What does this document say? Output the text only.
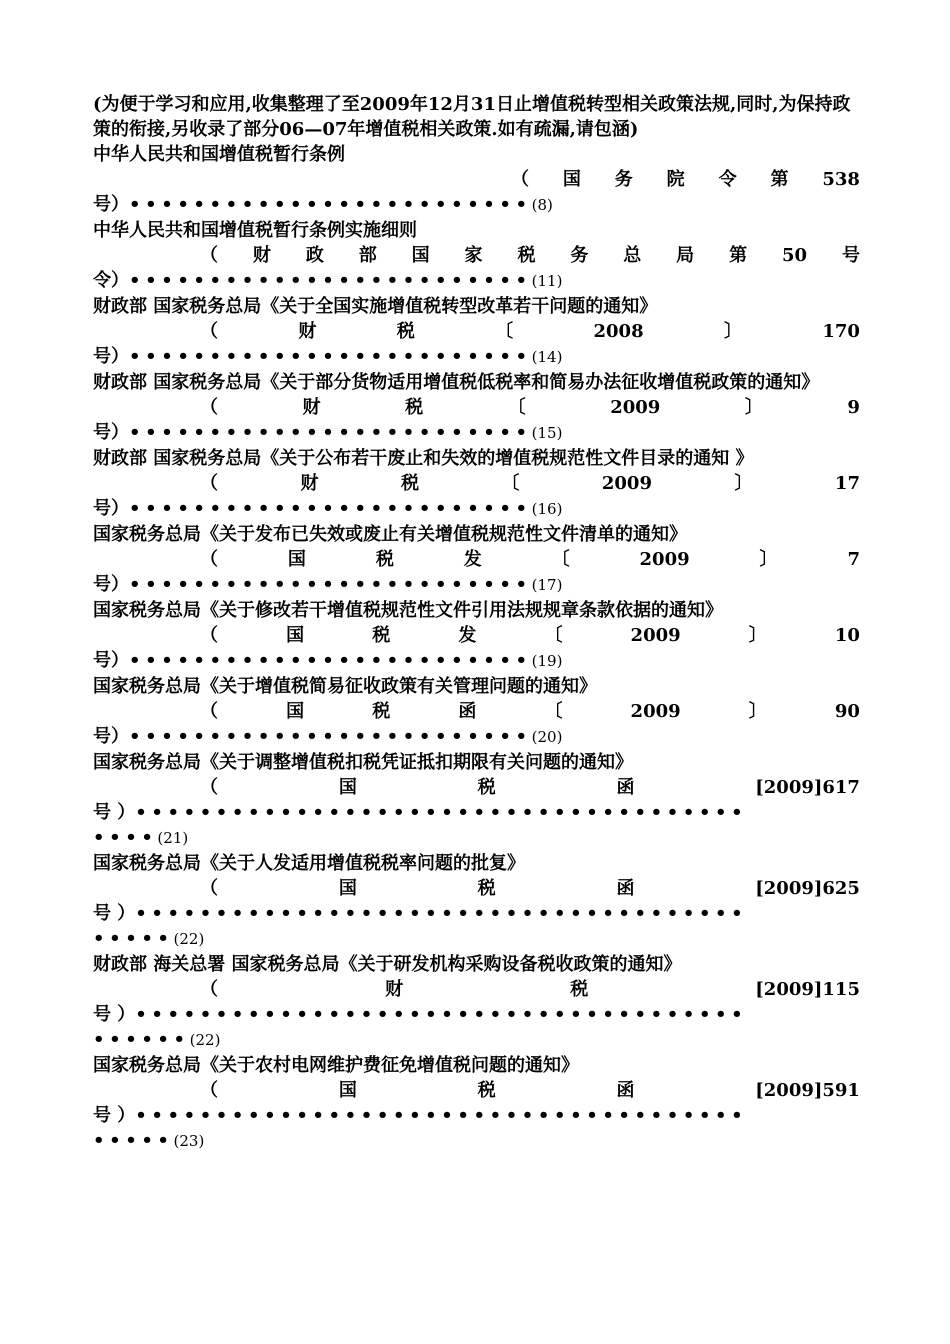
(为便于学习和应用,收集整理了至2009年12月31日止增值税转型相关政策法规,同时,为保持政策的衔接,另收录了部分06—07年增值税相关政策.如有疏漏,请包涵)

中华人民共和国增值税暂行条例

（ 国 务 院 令 第 538
号） ••••••••••••••••••••••••• (8)

中华人民共和国增值税暂行条例实施细则

（ 财 政 部 国 家 税 务 总 局 第 50 号
令） ••••••••••••••••••••••••• (11)

财政部 国家税务总局《关于全国实施增值税转型改革若干问题的通知》

（	财	税	〔	2008	〕	170
号） ••••••••••••••••••••••••• (14)

财政部 国家税务总局《关于部分货物适用增值税低税率和简易办法征收增值税政策的通知》

（	财	税	〔	2009	〕	9
号） ••••••••••••••••••••••••• (15)

财政部 国家税务总局《关于公布若干废止和失效的增值税规范性文件目录的通知 》

（	财	税	〔	2009	〕	17
号） ••••••••••••••••••••••••• (16)

国家税务总局《关于发布已失效或废止有关增值税规范性文件清单的通知》

（	国	税	发	〔	2009	〕	7
号） ••••••••••••••••••••••••• (17)

国家税务总局《关于修改若干增值税规范性文件引用法规规章条款依据的通知》

（	国	税	发	〔	2009	〕	10
号） ••••••••••••••••••••••••• (19)

国家税务总局《关于增值税简易征收政策有关管理问题的通知》

（	国	税	函	〔	2009	〕	90
号） ••••••••••••••••••••••••• (20)

国家税务总局《关于调整增值税扣税凭证抵扣期限有关问题的通知》

（	国	税	函	[2009]617
号 ） ••••••••••••••••••••••••••••••••••••••
•••• (21)

国家税务总局《关于人发适用增值税税率问题的批复》

（	国	税	函	[2009]625
号 ） ••••••••••••••••••••••••••••••••••••••
••••• (22)

财政部 海关总署 国家税务总局《关于研发机构采购设备税收政策的通知》

（	财	税	[2009]115
号 ） ••••••••••••••••••••••••••••••••••••••
•••••• (22)

国家税务总局《关于农村电网维护费征免增值税问题的通知》

（	国	税	函	[2009]591
号 ） ••••••••••••••••••••••••••••••••••••••
••••• (23)
